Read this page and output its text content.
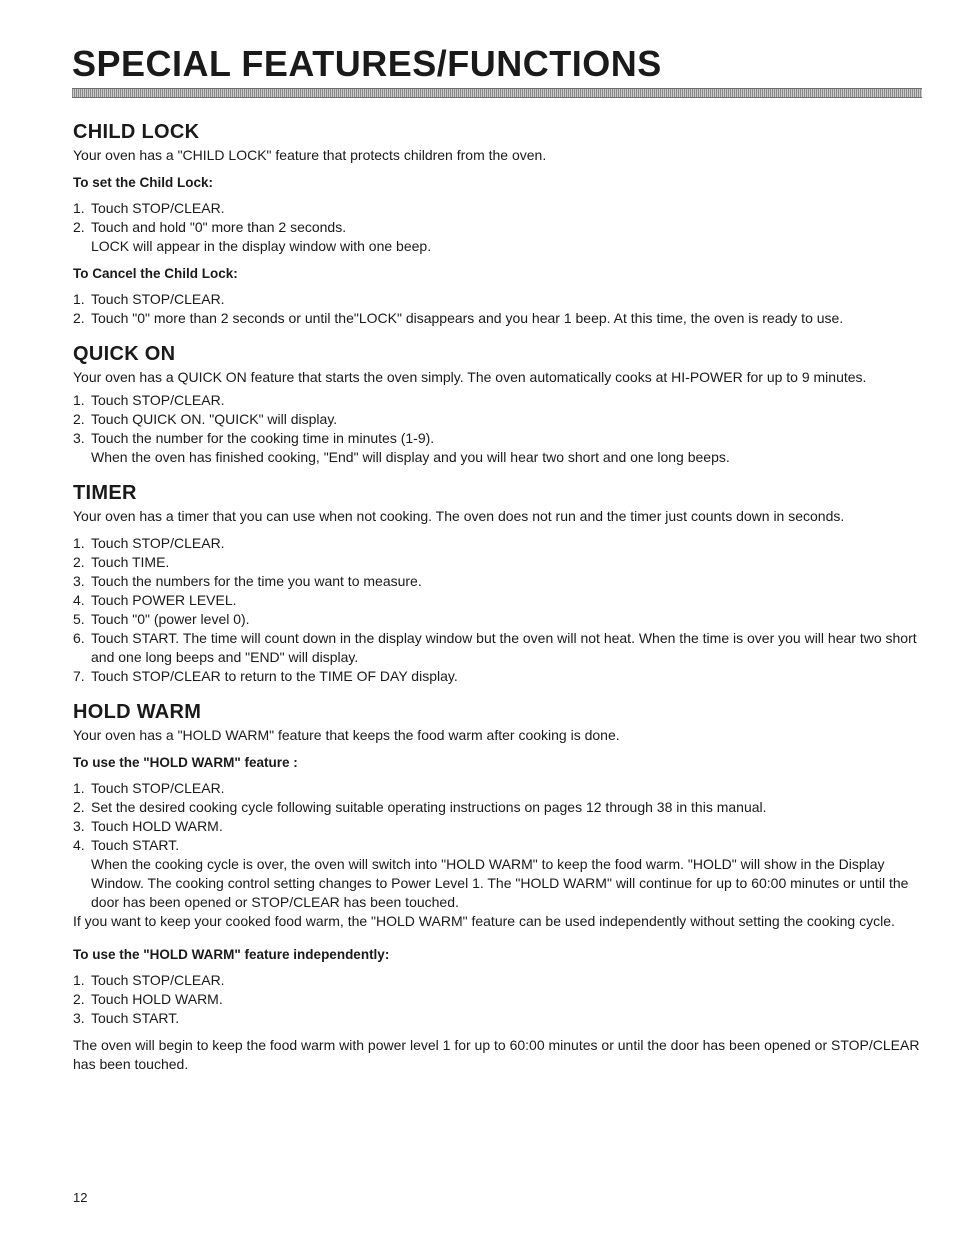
SPECIAL FEATURES/FUNCTIONS
CHILD LOCK

Your oven has a "CHILD LOCK" feature that protects children from the oven.

To set the Child Lock:

1. Touch STOP/CLEAR.
2. Touch and hold "0" more than 2 seconds.
LOCK will appear in the display window with one beep.

To Cancel the Child Lock:

1. Touch STOP/CLEAR.
2. Touch "0" more than 2 seconds or until the"LOCK" disappears and you hear 1 beep. At this time, the oven is ready to use.
QUICK ON

Your oven has a QUICK ON feature that starts the oven simply. The oven automatically cooks at HI-POWER for up to 9 minutes.

1. Touch STOP/CLEAR.
2. Touch QUICK ON. "QUICK" will display.
3. Touch the number for the cooking time in minutes (1-9).
When the oven has finished cooking, "End" will display and you will hear two short and one long beeps.
TIMER

Your oven has a timer that you can use when not cooking. The oven does not run and the timer just counts down in seconds.

1. Touch STOP/CLEAR.
2. Touch TIME.
3. Touch the numbers for the time you want to measure.
4. Touch POWER LEVEL.
5. Touch "0" (power level 0).
6. Touch START. The time will count down in the display window but the oven will not heat. When the time is over you will hear two short and one long beeps and "END" will display.
7. Touch STOP/CLEAR to return to the TIME OF DAY display.
HOLD WARM

Your oven has a "HOLD WARM" feature that keeps the food warm after cooking is done.

To use the "HOLD WARM" feature :

1. Touch STOP/CLEAR.
2. Set the desired cooking cycle following suitable operating instructions on pages 12 through 38 in this manual.
3. Touch HOLD WARM.
4. Touch START.
When the cooking cycle is over, the oven will switch into "HOLD WARM" to keep the food warm. "HOLD" will show in the Display Window. The cooking control setting changes to Power Level 1. The "HOLD WARM" will continue for up to 60:00 minutes or until the door has been opened or STOP/CLEAR has been touched.

If you want to keep your cooked food warm, the "HOLD WARM" feature can be used independently without setting the cooking cycle.

To use the "HOLD WARM" feature independently:

1. Touch STOP/CLEAR.
2. Touch HOLD WARM.
3. Touch START.

The oven will begin to keep the food warm with power level 1 for up to 60:00 minutes or until the door has been opened or STOP/CLEAR has been touched.

12
